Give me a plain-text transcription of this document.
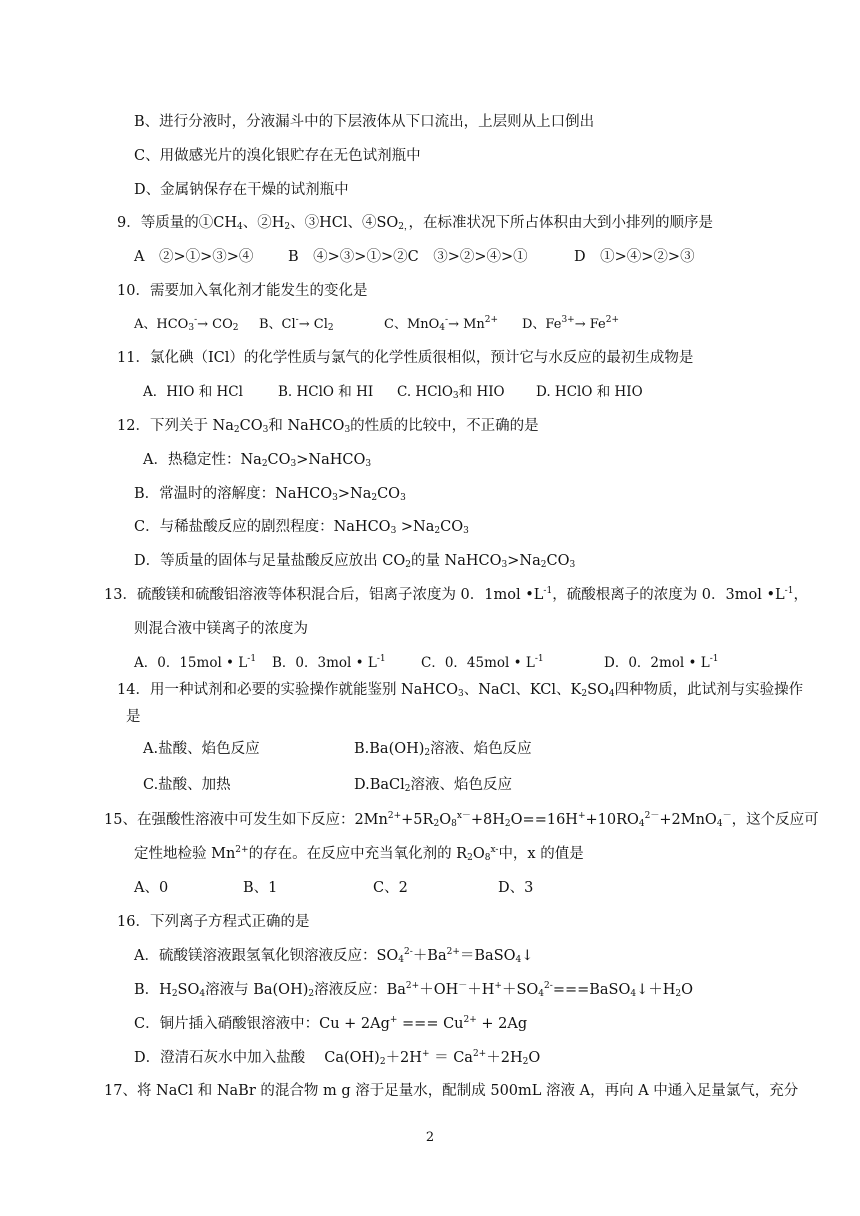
B、进行分液时，分液漏斗中的下层液体从下口流出，上层则从上口倒出
C、用做感光片的溴化银贮存在无色试剂瓶中
D、金属钠保存在干燥的试剂瓶中
9．等质量的$①CH_4$、$②H_2$、③HCl、$④SO_{2,}$，在标准状况下所占体积由大到小排列的顺序是
A　②>①>③>④ B　④>③>①>②C　③>②>④>①	D　①>④>②>③
10．需要加入氧化剂才能发生的变化是
A、$HCO_3^-\to CO_2$ B、$Cl^-\to Cl_2$	C、$MnO_4^-\to Mn^{2+}$ D、$Fe^{3+}\to Fe^{2+}$
11．氯化碘（ICl）的化学性质与氯气的化学性质很相似，预计它与水反应的最初生成物是
A．HIO 和 HCl	B. HClO 和 HI C. HClO$_3$和 HIO D. HClO 和 HIO
12．下列关于 $Na_2CO_3$和 NaHCO$_3$的性质的比较中，不正确的是
A．热稳定性：$Na_2CO_3>NaHCO_3$
B．常温时的溶解度：$NaHCO_3>Na_2CO_3$
C．与稀盐酸反应的剧烈程度：NaHCO$_3$ $>Na_2CO_3$
D．等质量的固体与足量盐酸反应放出 $CO_2$的量 $NaHCO_3>Na_2CO_3$
13．硫酸镁和硫酸铝溶液等体积混合后，铝离子浓度为 0．1mol $•L^{-1}$，硫酸根离子的浓度为 0．3mol $•L^{-1}$，
则混合液中镁离子的浓度为
A．0．15mol • $L^{-1}$ B．0．3mol • $L^{-1}$	C．0．45mol • $L^{-1}$	D．0．2mol • $L^{-1}$
14．用一种试剂和必要的实验操作就能鉴别 NaHCO$_3$、NaCl、KCl、$K_2SO_4$四种物质，此试剂与实验操作
是
A.盐酸、焰色反应	$B.Ba(OH)_2$溶液、焰色反应
C.盐酸、加热	D.BaCl$_2$溶液、焰色反应
15、在强酸性溶液中可发生如下反应：$2Mn^{2+}+5R_2O_8^{x-}+8H_2O==16H^++10RO_4^{2-}+2MnO_4^-$，这个反应可
定性地检验 $Mn^{2+}$的存在。在反应中充当氧化剂的 $R_2O_8^{x-}$中，x 的值是
A、0	B、1	C、2	D、3
16．下列离子方程式正确的是
A．硫酸镁溶液跟氢氧化钡溶液反应：$SO_4^{2-}+Ba^{2+}=BaSO_4↓$
B．$H_2SO_4$溶液与 $Ba(OH)_2$溶液反应：$Ba^{2+}+OH^-+H^++SO_4^{2-}===BaSO_4↓+H_2O$
C．铜片插入硝酸银溶液中：Cu + 2Ag+ === $Cu^{2+} + 2Ag$
D．澄清石灰水中加入盐酸　 $Ca(OH)_2+2H^+ = Ca^{2+}+2H_2O$
17、将 NaCl 和 NaBr 的混合物 m g 溶于足量水，配制成 500mL 溶液 A，再向 A 中通入足量氯气，充分
2
